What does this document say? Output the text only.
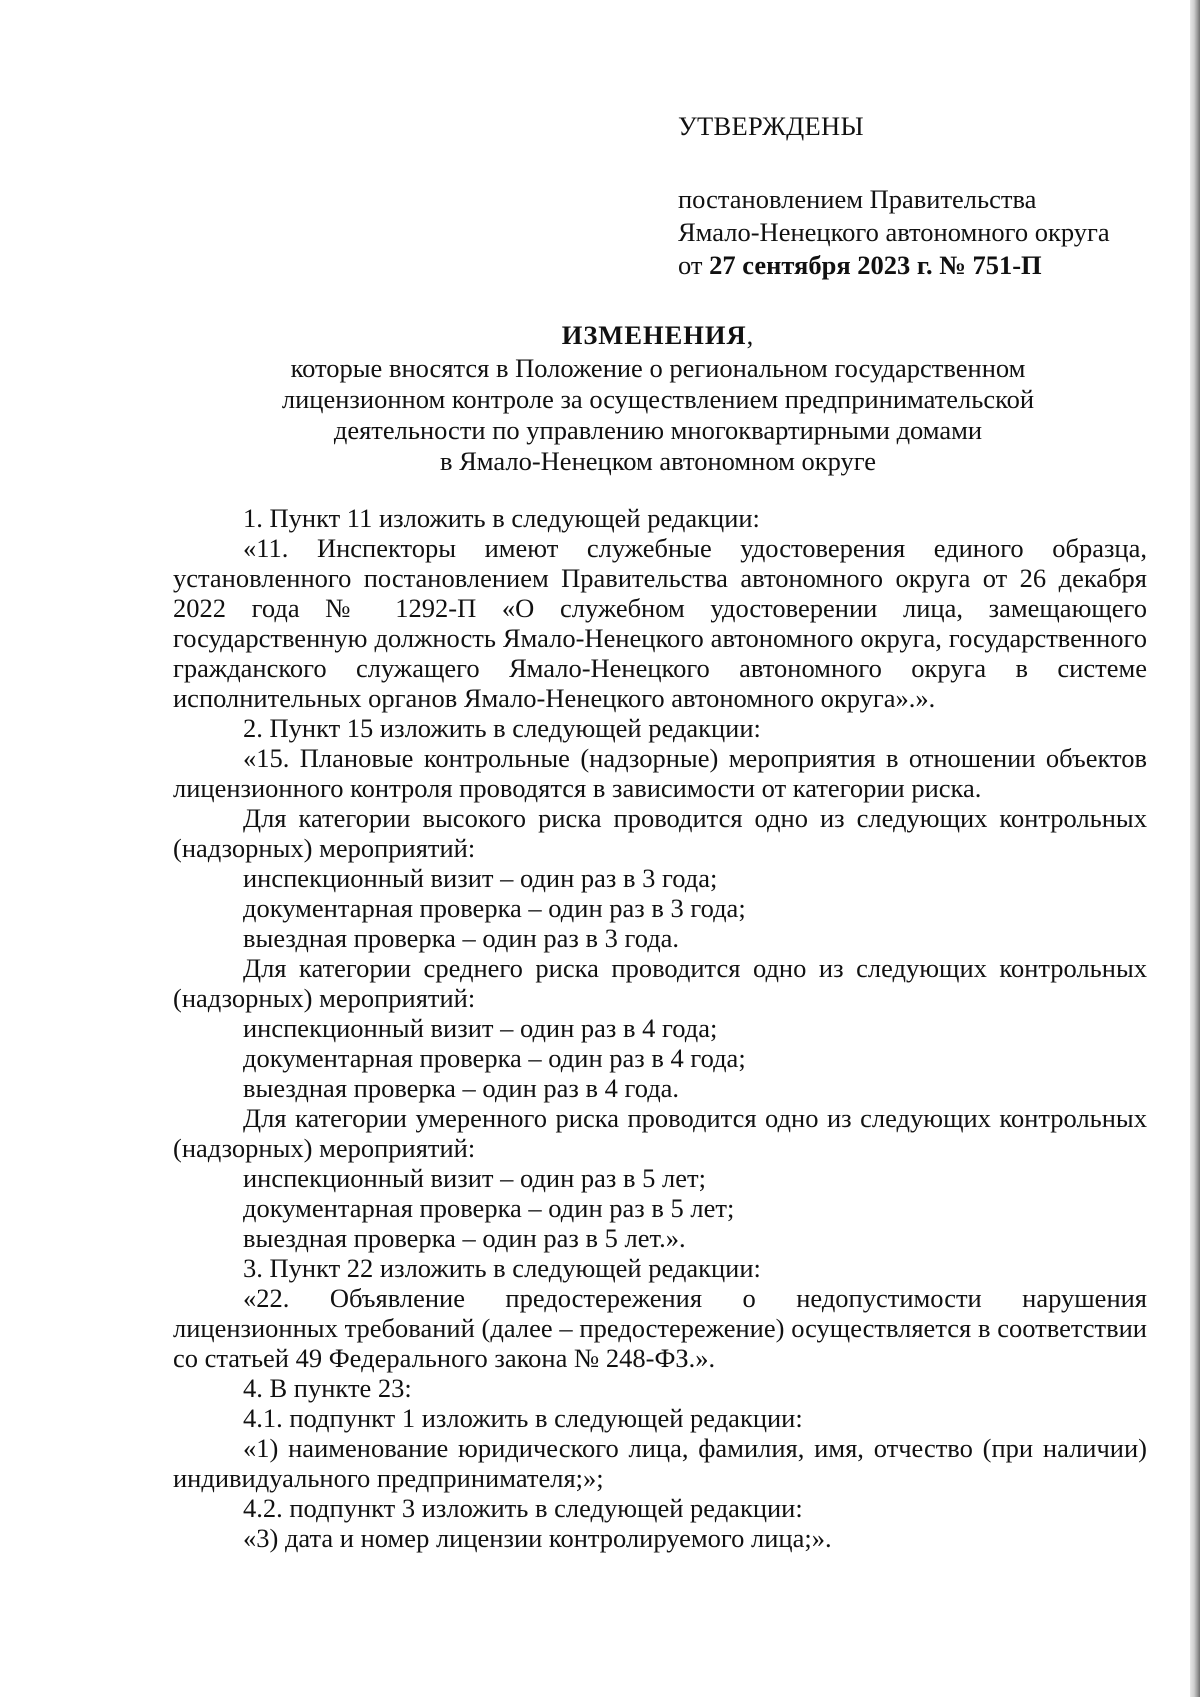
УТВЕРЖДЕНЫ

постановлением Правительства

Ямало-Ненецкого автономного округа

от 27 сентября 2023 г. № 751-П

ИЗМЕНЕНИЯ,

которые вносятся в Положение о региональном государственном

лицензионном контроле за осуществлением предпринимательской

деятельности по управлению многоквартирными домами

в Ямало-Ненецком автономном округе

1. Пункт 11 изложить в следующей редакции:

«11. Инспекторы имеют служебные удостоверения единого образца, установленного постановлением Правительства автономного округа от 26 декабря 2022 года № 1292-П «О служебном удостоверении лица, замещающего государственную должность Ямало-Ненецкого автономного округа, государственного гражданского служащего Ямало-Ненецкого автономного округа в системе исполнительных органов Ямало-Ненецкого автономного округа».».

2. Пункт 15 изложить в следующей редакции:

«15. Плановые контрольные (надзорные) мероприятия в отношении объектов лицензионного контроля проводятся в зависимости от категории риска.

Для категории высокого риска проводится одно из следующих контрольных (надзорных) мероприятий:

инспекционный визит – один раз в 3 года;

документарная проверка – один раз в 3 года;

выездная проверка – один раз в 3 года.

Для категории среднего риска проводится одно из следующих контрольных (надзорных) мероприятий:

инспекционный визит – один раз в 4 года;

документарная проверка – один раз в 4 года;

выездная проверка – один раз в 4 года.

Для категории умеренного риска проводится одно из следующих контрольных (надзорных) мероприятий:

инспекционный визит – один раз в 5 лет;

документарная проверка – один раз в 5 лет;

выездная проверка – один раз в 5 лет.».

3. Пункт 22 изложить в следующей редакции:

«22. Объявление предостережения о недопустимости нарушения лицензионных требований (далее – предостережение) осуществляется в соответствии со статьей 49 Федерального закона № 248-ФЗ.».

4. В пункте 23:

4.1. подпункт 1 изложить в следующей редакции:

«1) наименование юридического лица, фамилия, имя, отчество (при наличии) индивидуального предпринимателя;»;

4.2. подпункт 3 изложить в следующей редакции:

«3) дата и номер лицензии контролируемого лица;».
